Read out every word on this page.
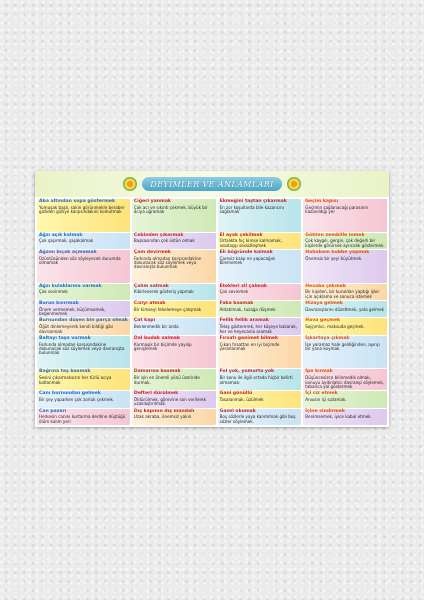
DEYİMLER VE ANLAMLARI
Aba altından sopa göstermek
Yumuşak başlı, sakin görünmekle beraber gizliden gizliye karşısındakini korkutmak
Ciğeri yanmak
Çok acı ve sıkıntı çekmek, büyük bir acıya uğramak
Ekmeğini taştan çıkarmak
En zor koşullarda bile kazancını sağlamak
Geçim kapısı
Geçimin sağlanacağı parasının kazanıldığı yer
Ağzı açık kalmak
Çok şaşırmak, şaşakalmak
Cebinden çıkarmak
Başkasından çok üstün olmak
El ayak çekilmek
Ortalıkta hiç kimse kalmamak, ıssızlaşıp sessizleşmek
Gökten zembille inmek
Çok kaygılı, gergin, çok değerli bir kişilerde görürsek ayrıcalık göstermek.
Ağzını bıçak açmamak
Üzüntüsünden söz söyleyecek durumda olmamak
Çam devirmek
Farkında olmadan karşısındakine dokunacak söz söylemek veya davranışta bulunmak
Eli böğründe kalmak
Çaresiz kalıp ne yapacağını bilememek
Hababam kubbe yapmak
Önemsiz bir şeyi büyütmek.
Ağzı kulaklarına varmak
Çok sevinmek
Çalım satmak
Kibirlenerek gösteriş yapmak
Etekleri zil çalmak
Çok sevinmek
Hesaba çekmek
Bir kişiden, bir kuruldan yaptığı işler için açıklama ve sonuca istemek
Burun kıvırmak
Önem vermemek, küçümsemek, beğenmemek
Cızıyı atmak
Bir kimseyi tekelemeye çalışmak
Faka basmak
Aldatılmak, tuzağa düşmek
Hizaya gelmek
Davranışlarını düzeltmek, yola gelmek
Burnundan düşen bin parça olmak
Öğüt dinlemeyerek kendi bildiği gibi davranmak
Çat kapı
Beklenmedik bir anda
Fellik fellik aramak
Telaş göstererek, her köşeye bakarak, her ve heyecanla aramak
Hava geçmek
Sojçımlıcı, maksuda geçmek.
Baltayı taşa vurmak
Farkında olmadan karşısındakine dokunacak söz söylemek veya davranışta bulunmak
Dal budak salmak
Karmaşık bir biçimde yayılıp genişlemek
Fırsatı ganimet bilmek
Çıkan fırsattan en iyi biçimde yararlanmak
İşkartoya çıkmak
İşe yaramaz hale geldiğinden, ayırıp bir yana koymak.
Bağrına taş basmak
Sesini çıkarmaksızın her türlü acıya katlanmak
Damarına basmak
Bir işin en önemli yönü üzerinde durmak.
Fol yok, yumurta yok
Bir konu ile ilgili ortada hiçbir belirti olmaması
İpe kırmak
Düşüncesizce bilinmedik olmak, konuyu aydınlatıcı davranıp söylemek, tabanca yol göstermek
Canı burnundan gelmek
Bir şey yaparken çok zorluk çekmek.
Defteri dürülmek
Öldürülmek, görevine son verilerek uzaklaştırılmak.
Gani gönüllü
Tasalanmak, üzülmek
İçi cız etmek
Anıusın içi sızlamak.
Can pazarı
Herkesin canını kurtarma derdine düştüğü ölüm kalım yeri
Dış kapının dış mandalı
Uzak akraba, önemsiz yakın.
Gazel okumak
Boş sözlerle yaya kandırmak gibi boş sözler söylemek.
İçine sindirmek
Benimsemek, iyice kabul etmek.
